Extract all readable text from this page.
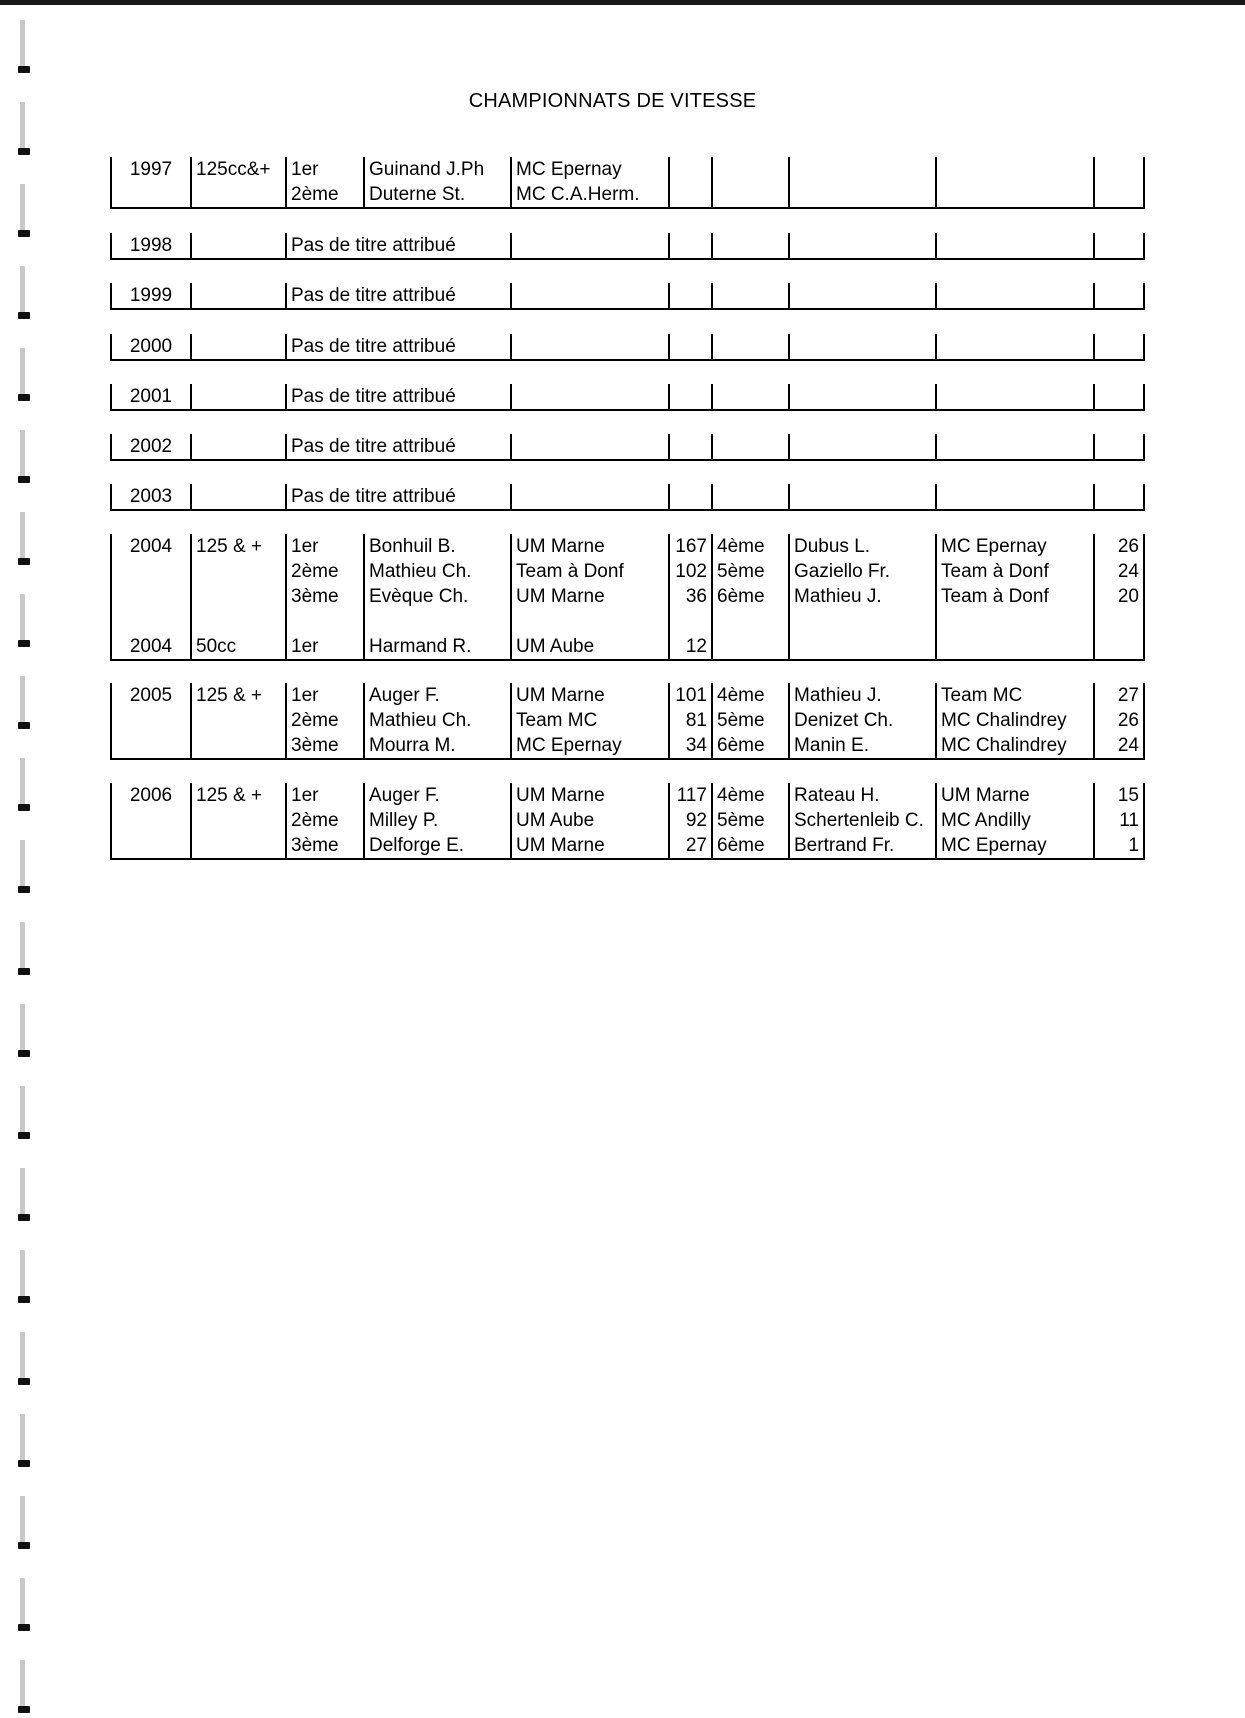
CHAMPIONNATS DE VITESSE
1997	125cc&+	1er	Guinand J.Ph	MC Epernay					
		2ème	Duterne St.	MC C.A.Herm.					
1998		Pas de titre attribué						
1999		Pas de titre attribué						
2000		Pas de titre attribué						
2001		Pas de titre attribué						
2002		Pas de titre attribué						
2003		Pas de titre attribué						
2004	125 & +	1er	Bonhuil B.	UM Marne	167	4ème	Dubus L.	MC Epernay	26
		2ème	Mathieu Ch.	Team à Donf	102	5ème	Gaziello Fr.	Team à Donf	24
		3ème	Evèque Ch.	UM Marne	36	6ème	Mathieu J.	Team à Donf	20

2004	50cc	1er	Harmand R.	UM Aube	12				
2005	125 & +	1er	Auger F.	UM Marne	101	4ème	Mathieu J.	Team MC	27
		2ème	Mathieu Ch.	Team MC	81	5ème	Denizet Ch.	MC Chalindrey	26
		3ème	Mourra M.	MC Epernay	34	6ème	Manin E.	MC Chalindrey	24
2006	125 & +	1er	Auger F.	UM Marne	117	4ème	Rateau H.	UM Marne	15
		2ème	Milley P.	UM Aube	92	5ème	Schertenleib C.	MC Andilly	11
		3ème	Delforge E.	UM Marne	27	6ème	Bertrand Fr.	MC Epernay	1
